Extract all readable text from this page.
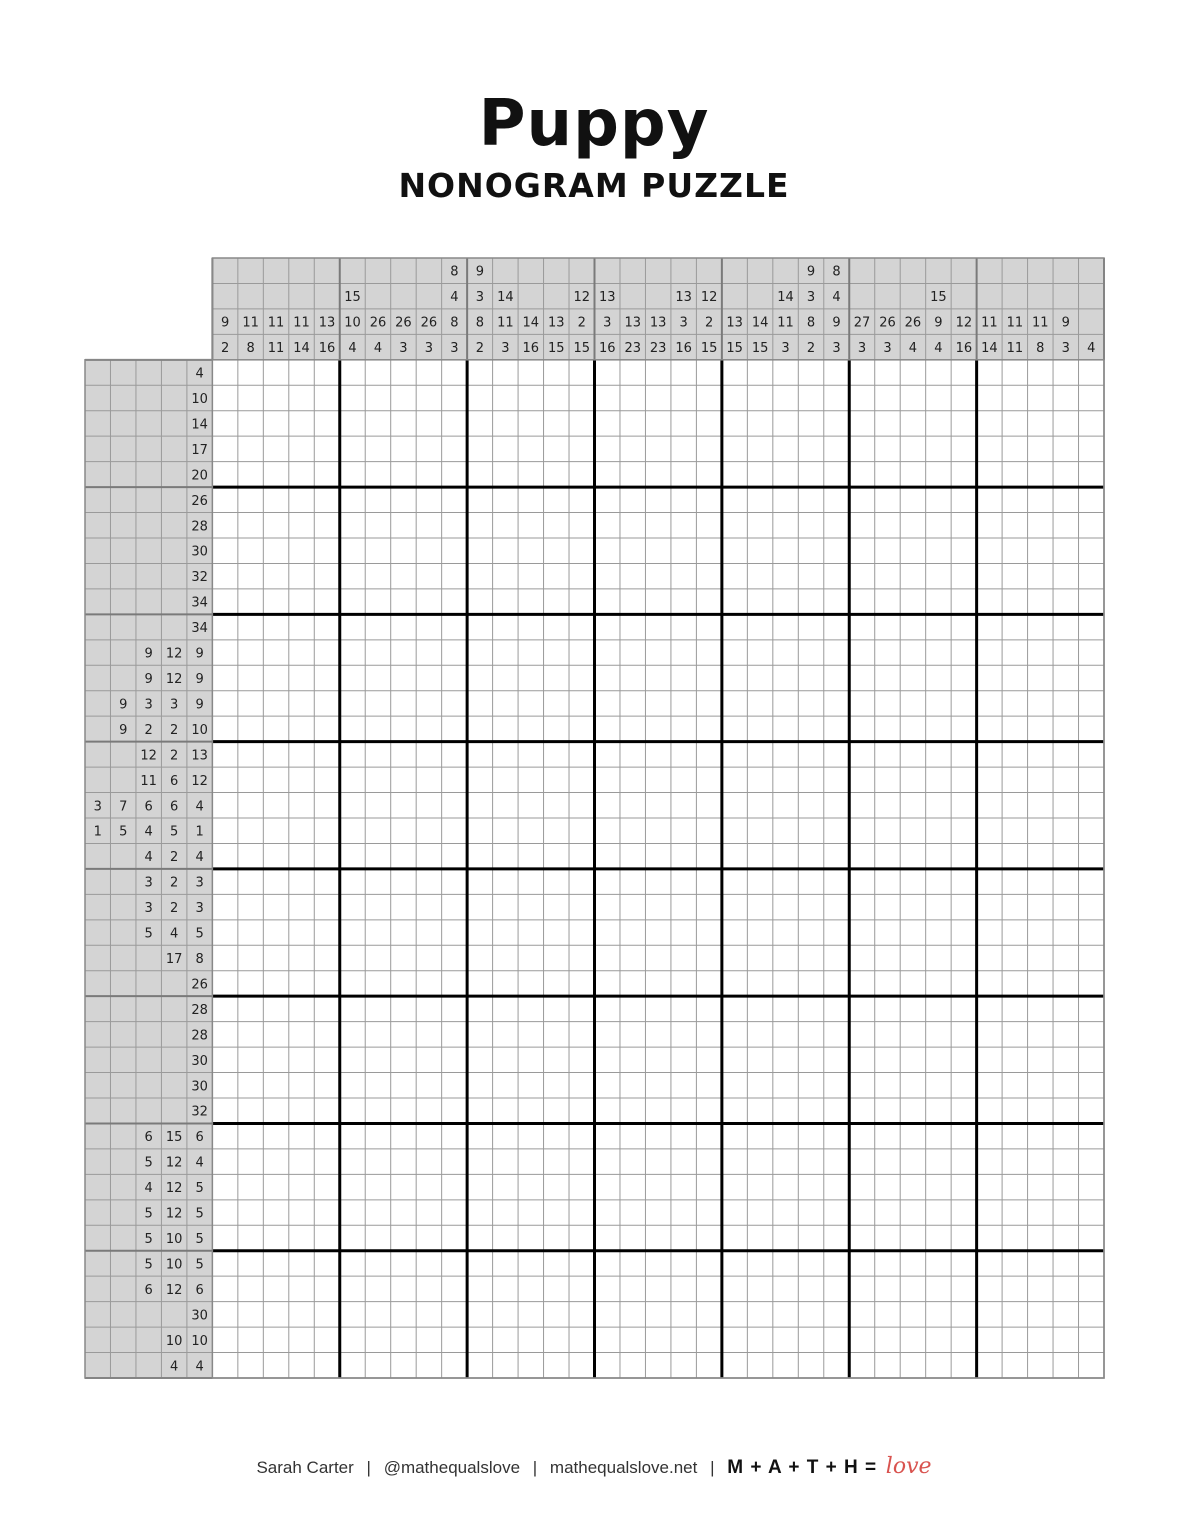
Puppy
NONOGRAM PUZZLE
9
2
11
8
11
11
11
14
13
16
15
10
4
26
4
26
3
26
3
8
4
8
3
9
3
8
2
14
11
3
14
16
13
15
12
2
15
13
3
16
13
23
13
23
13
3
16
12
2
15
13
15
14
15
14
11
3
9
3
8
2
8
4
9
3
27
3
26
3
26
4
15
9
4
12
16
11
14
11
11
11
8
9
3 4
4
10
14
17
20
26
28
30
32
34
34
9 12 9
9 12 9
9 3 3 9
9 2 2 10
12 2 13
11 6 12
3 7 6 6 4
1 5 4 5 1
4 2 4
3 2 3
3 2 3
5 4 5
17 8
26
28
28
30
30
32
6 15 6
5 12 4
4 12 5
5 12 5
5 10 5
5 10 5
6 12 6
30
10 10
4 4
Sarah Carter | @mathequalslove | mathequalslove.net | M + A + T + H = love
